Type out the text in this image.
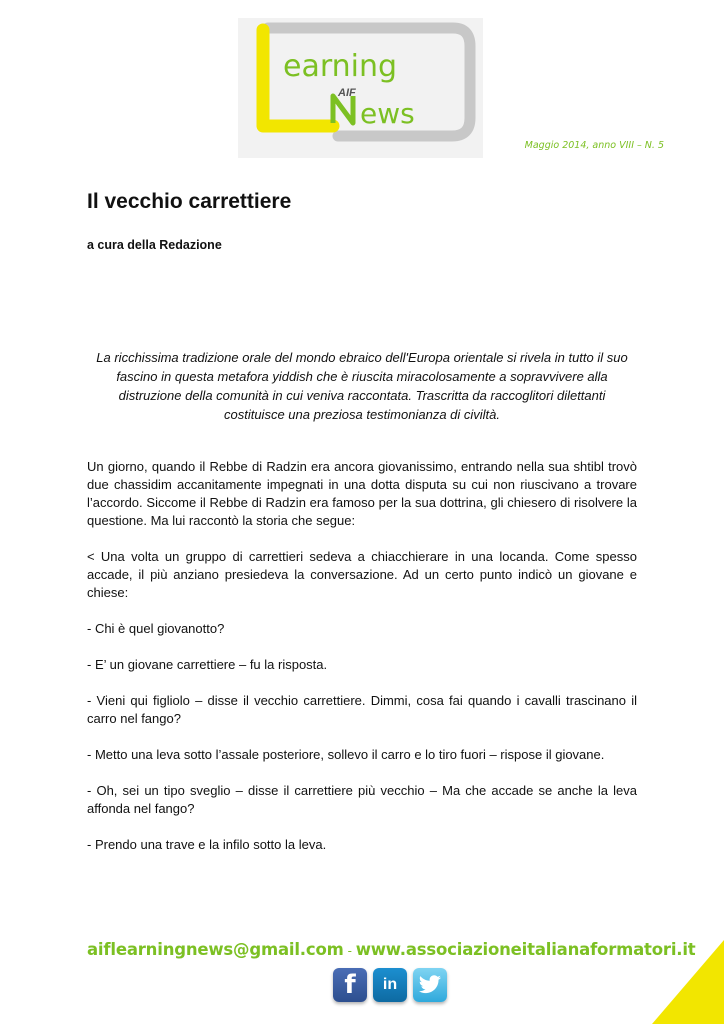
earning
AIF
ews
Maggio 2014, anno VIII – N. 5
Il vecchio carrettiere
a cura della Redazione
La ricchissima tradizione orale del mondo ebraico dell'Europa orientale si rivela in tutto il suo fascino in questa metafora yiddish che è riuscita miracolosamente a sopravvivere alla distruzione della comunità in cui veniva raccontata. Trascritta da raccoglitori dilettanti costituisce una preziosa testimonianza di civiltà.

Un giorno, quando il Rebbe di Radzin era ancora giovanissimo, entrando nella sua shtibl trovò due chassidim accanitamente impegnati in una dotta disputa su cui non riuscivano a trovare l’accordo. Siccome il Rebbe di Radzin era famoso per la sua dottrina, gli chiesero di risolvere la questione. Ma lui raccontò la storia che segue:

< Una volta un gruppo di carrettieri sedeva a chiacchierare in una locanda. Come spesso accade, il più anziano presiedeva la conversazione. Ad un certo punto indicò un giovane e chiese:

- Chi è quel giovanotto?

- E’ un giovane carrettiere – fu la risposta.

- Vieni qui figliolo – disse il vecchio carrettiere. Dimmi, cosa fai quando i cavalli trascinano il carro nel fango?

- Metto una leva sotto l’assale posteriore, sollevo il carro e lo tiro fuori – rispose il giovane.

- Oh, sei un tipo sveglio – disse il carrettiere più vecchio – Ma che accade se anche la leva affonda nel fango?

- Prendo una trave e la infilo sotto la leva.

aiflearningnews@gmail.com - www.associazioneitalianaformatori.it
f in
